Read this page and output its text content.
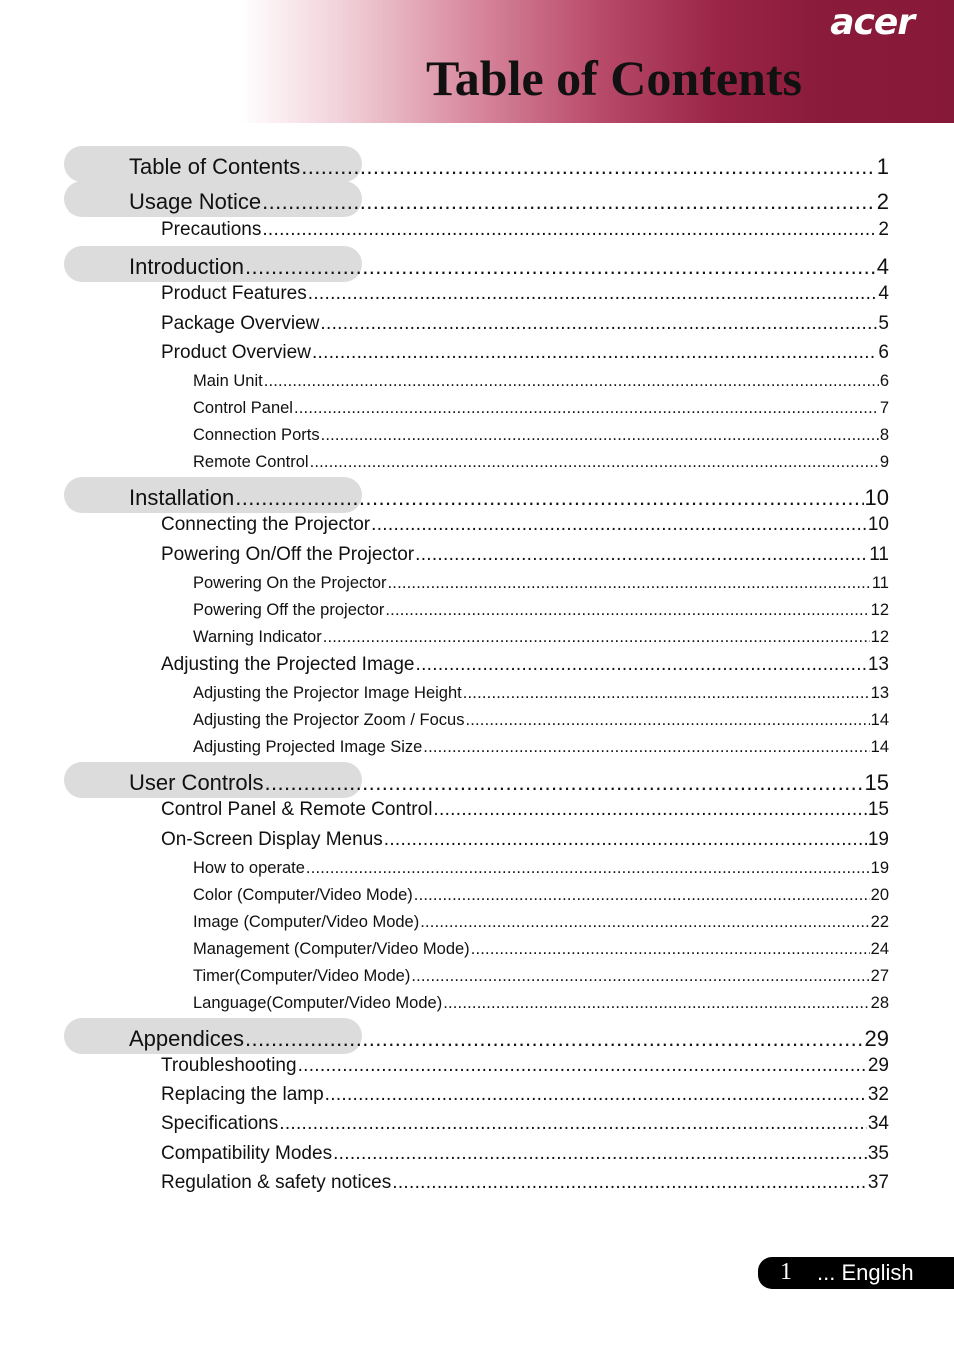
acer
Table of Contents
Table of Contents .....	1
Usage Notice .....	2
Precautions .....	2
Introduction .....	4
Product Features .....	4
Package Overview .....	5
Product Overview .....	6
Main Unit .....	6
Control Panel .....	7
Connection Ports .....	8
Remote Control .....	9
Installation .....	10
Connecting the Projector .....	10
Powering On/Off the Projector .....	11
Powering On the Projector .....	11
Powering Off the projector .....	12
Warning Indicator .....	12
Adjusting the Projected Image .....	13
Adjusting the Projector Image Height .....	13
Adjusting the Projector Zoom / Focus .....	14
Adjusting Projected Image Size .....	14
User Controls .....	15
Control Panel & Remote Control .....	15
On-Screen Display Menus .....	19
How to operate .....	19
Color (Computer/Video Mode) .....	20
Image (Computer/Video Mode) .....	22
Management (Computer/Video Mode) .....	24
Timer(Computer/Video Mode) .....	27
Language(Computer/Video Mode) .....	28
Appendices .....	29
Troubleshooting .....	29
Replacing the lamp .....	32
Specifications .....	34
Compatibility Modes .....	35
Regulation & safety notices .....	37
1 ... English
